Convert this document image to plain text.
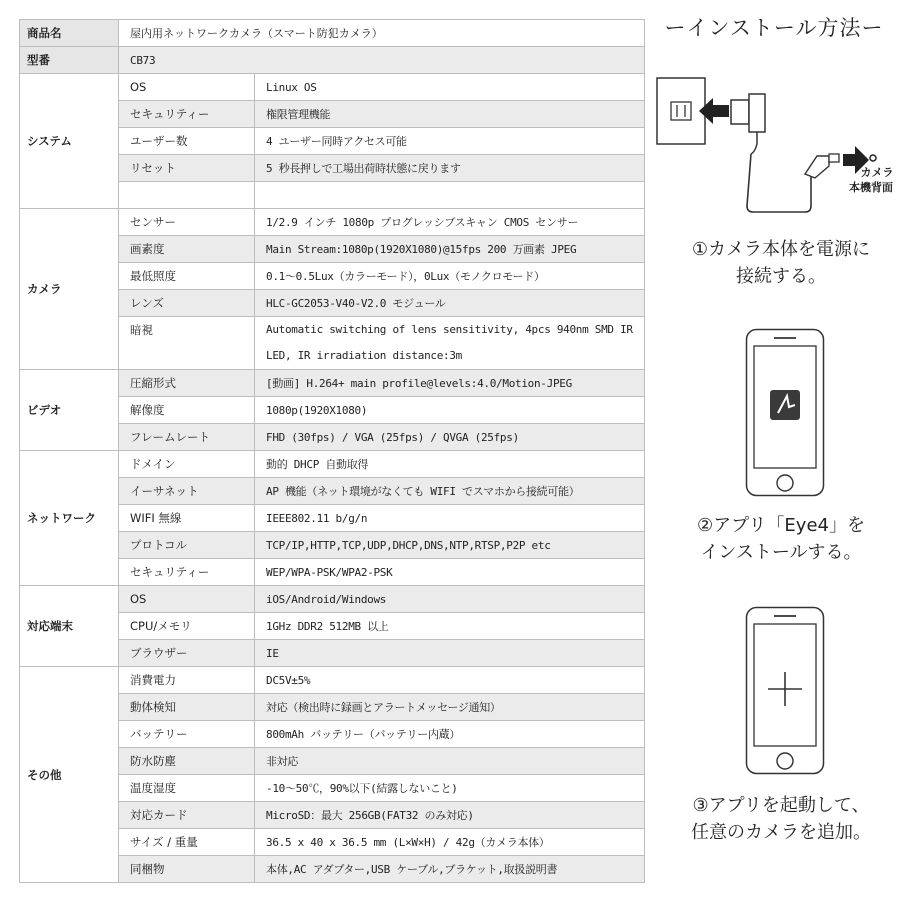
商品名	屋内用ネットワークカメラ（スマート防犯カメラ）	
型番	CB73	
システム	OS	Linux OS
	セキュリティー	権限管理機能
	ユーザー数	4 ユーザー同時アクセス可能
	リセット	5 秒長押しで工場出荷時状態に戻ります

カメラ	センサー	1/2.9 インチ 1080p プログレッシブスキャン CMOS センサー
	画素度	Main Stream:1080p(1920X1080)@15fps 200 万画素 JPEG
	最低照度	0.1～0.5Lux（カラーモード），0Lux（モノクロモード）
	レンズ	HLC-GC2053-V40-V2.0 モジュール
	暗視	Automatic switching of lens sensitivity, 4pcs 940nm SMD IR LED, IR irradiation distance:3m
ビデオ	圧縮形式	[動画] H.264+ main profile@levels:4.0/Motion-JPEG
	解像度	1080p(1920X1080)
	フレームレート	FHD (30fps) / VGA (25fps) / QVGA (25fps)
ネットワーク	ドメイン	動的 DHCP 自動取得
	イーサネット	AP 機能（ネット環境がなくても WIFI でスマホから接続可能）
	WIFI 無線	IEEE802.11 b/g/n
	プロトコル	TCP/IP,HTTP,TCP,UDP,DHCP,DNS,NTP,RTSP,P2P etc
	セキュリティー	WEP/WPA-PSK/WPA2-PSK
対応端末	OS	iOS/Android/Windows
	CPU/メモリ	1GHz DDR2 512MB 以上
	ブラウザー	IE
その他	消費電力	DC5V±5%
	動体検知	対応（検出時に録画とアラートメッセージ通知）
	バッテリー	800mAh バッテリー（バッテリー内蔵）
	防水防塵	非対応
	温度湿度	-10～50℃，90%以下(結露しないこと)
	対応カード	MicroSD：最大 256GB(FAT32 のみ対応)
	サイズ / 重量	36.5 x 40 x 36.5 mm (L×W×H) / 42g（カメラ本体）
	同梱物	本体,AC アダプター,USB ケーブル,ブラケット,取扱説明書
ーインストール方法ー
カメラ
本機背面
①カメラ本体を電源に
接続する。
②アプリ「Eye4」を
インストールする。
③アプリを起動して、
任意のカメラを追加。
